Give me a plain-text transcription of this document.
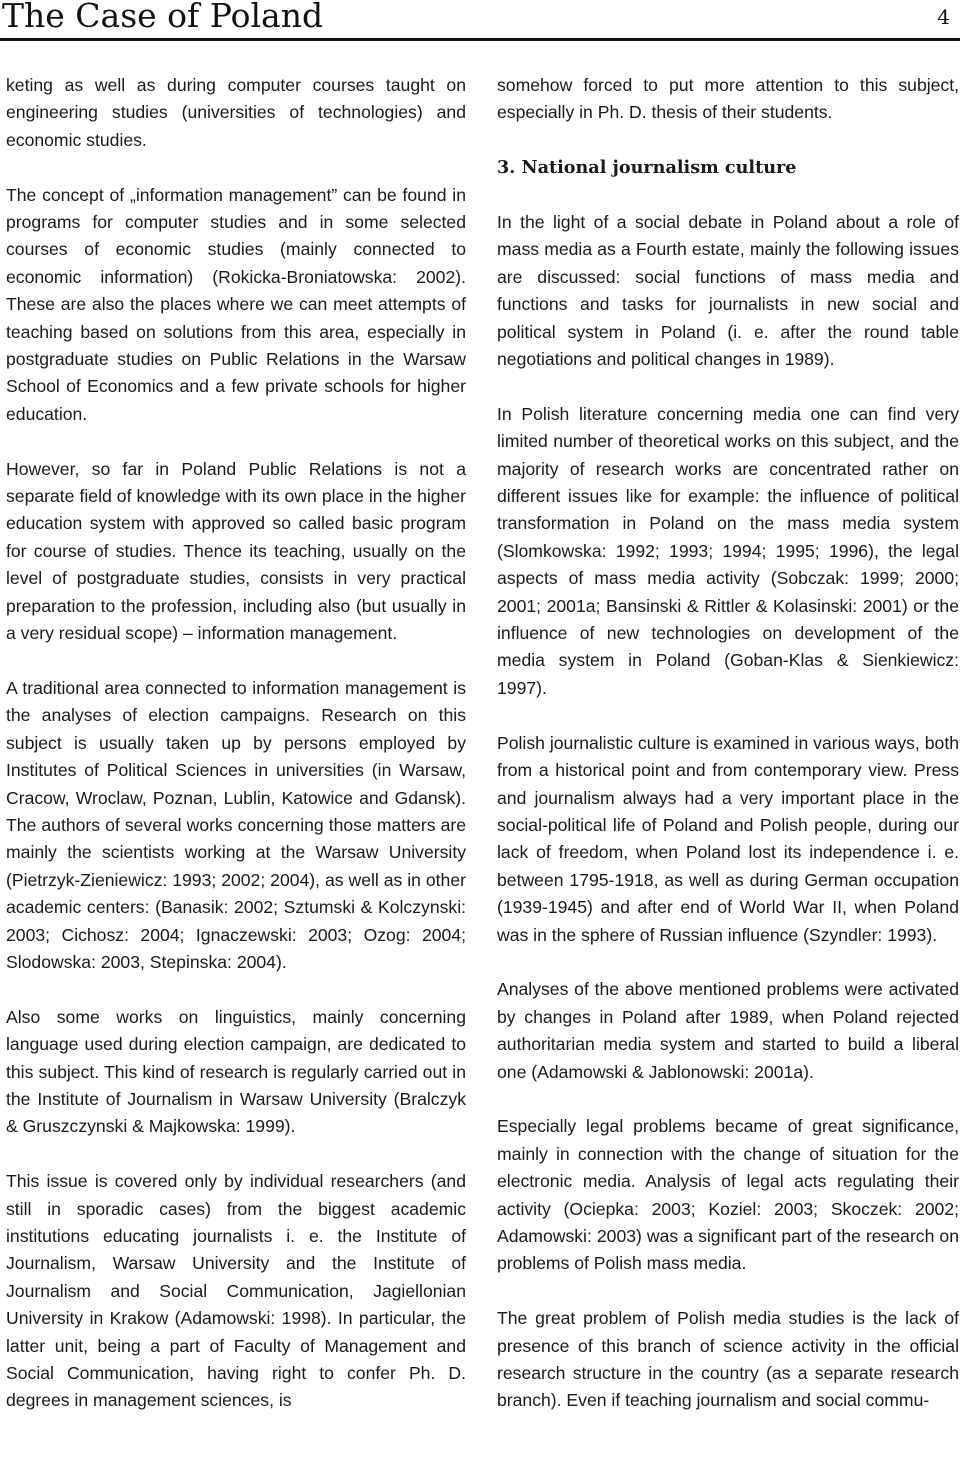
The Case of Poland	4

keting as well as during computer courses taught on engineering studies (universities of technologies) and economic studies.

The concept of „information management” can be found in programs for computer studies and in some selected courses of economic studies (mainly connected to economic information) (Rokicka-Broniatowska: 2002). These are also the places where we can meet attempts of teaching based on solutions from this area, especially in postgraduate studies on Public Relations in the Warsaw School of Economics and a few private schools for higher education.

However, so far in Poland Public Relations is not a separate field of knowledge with its own place in the higher education system with approved so called basic program for course of studies. Thence its teaching, usually on the level of postgraduate studies, consists in very practical preparation to the profession, including also (but usually in a very residual scope) – information management.

A traditional area connected to information management is the analyses of election campaigns. Research on this subject is usually taken up by persons employed by Institutes of Political Sciences in universities (in Warsaw, Cracow, Wroclaw, Poznan, Lublin, Katowice and Gdansk). The authors of several works concerning those matters are mainly the scientists working at the Warsaw University (Pietrzyk-Zieniewicz: 1993; 2002; 2004), as well as in other academic centers: (Banasik: 2002; Sztumski & Kolczynski: 2003; Cichosz: 2004; Ignaczewski: 2003; Ozog: 2004; Slodowska: 2003, Stepinska: 2004).

Also some works on linguistics, mainly concerning language used during election campaign, are dedicated to this subject. This kind of research is regularly carried out in the Institute of Journalism in Warsaw University (Bralczyk & Gruszczynski & Majkowska: 1999).

This issue is covered only by individual researchers (and still in sporadic cases) from the biggest academic institutions educating journalists i. e. the Institute of Journalism, Warsaw University and the Institute of Journalism and Social Communication, Jagiellonian University in Krakow (Adamowski: 1998). In particular, the latter unit, being a part of Faculty of Management and Social Communication, having right to confer Ph. D. degrees in management sciences, is

somehow forced to put more attention to this subject, especially in Ph. D. thesis of their students.

3. National journalism culture

In the light of a social debate in Poland about a role of mass media as a Fourth estate, mainly the following issues are discussed: social functions of mass media and functions and tasks for journalists in new social and political system in Poland (i. e. after the round table negotiations and political changes in 1989).

In Polish literature concerning media one can find very limited number of theoretical works on this subject, and the majority of research works are concentrated rather on different issues like for example: the influence of political transformation in Poland on the mass media system (Slomkowska: 1992; 1993; 1994; 1995; 1996), the legal aspects of mass media activity (Sobczak: 1999; 2000; 2001; 2001a; Bansinski & Rittler & Kolasinski: 2001) or the influence of new technologies on development of the media system in Poland (Goban-Klas & Sienkiewicz: 1997).

Polish journalistic culture is examined in various ways, both from a historical point and from contemporary view. Press and journalism always had a very important place in the social-political life of Poland and Polish people, during our lack of freedom, when Poland lost its independence i. e. between 1795-1918, as well as during German occupation (1939-1945) and after end of World War II, when Poland was in the sphere of Russian influence (Szyndler: 1993).

Analyses of the above mentioned problems were activated by changes in Poland after 1989, when Poland rejected authoritarian media system and started to build a liberal one (Adamowski & Jablonowski: 2001a).

Especially legal problems became of great significance, mainly in connection with the change of situation for the electronic media. Analysis of legal acts regulating their activity (Ociepka: 2003; Koziel: 2003; Skoczek: 2002; Adamowski: 2003) was a significant part of the research on problems of Polish mass media.

The great problem of Polish media studies is the lack of presence of this branch of science activity in the official research structure in the country (as a separate research branch). Even if teaching journalism and social commu-
